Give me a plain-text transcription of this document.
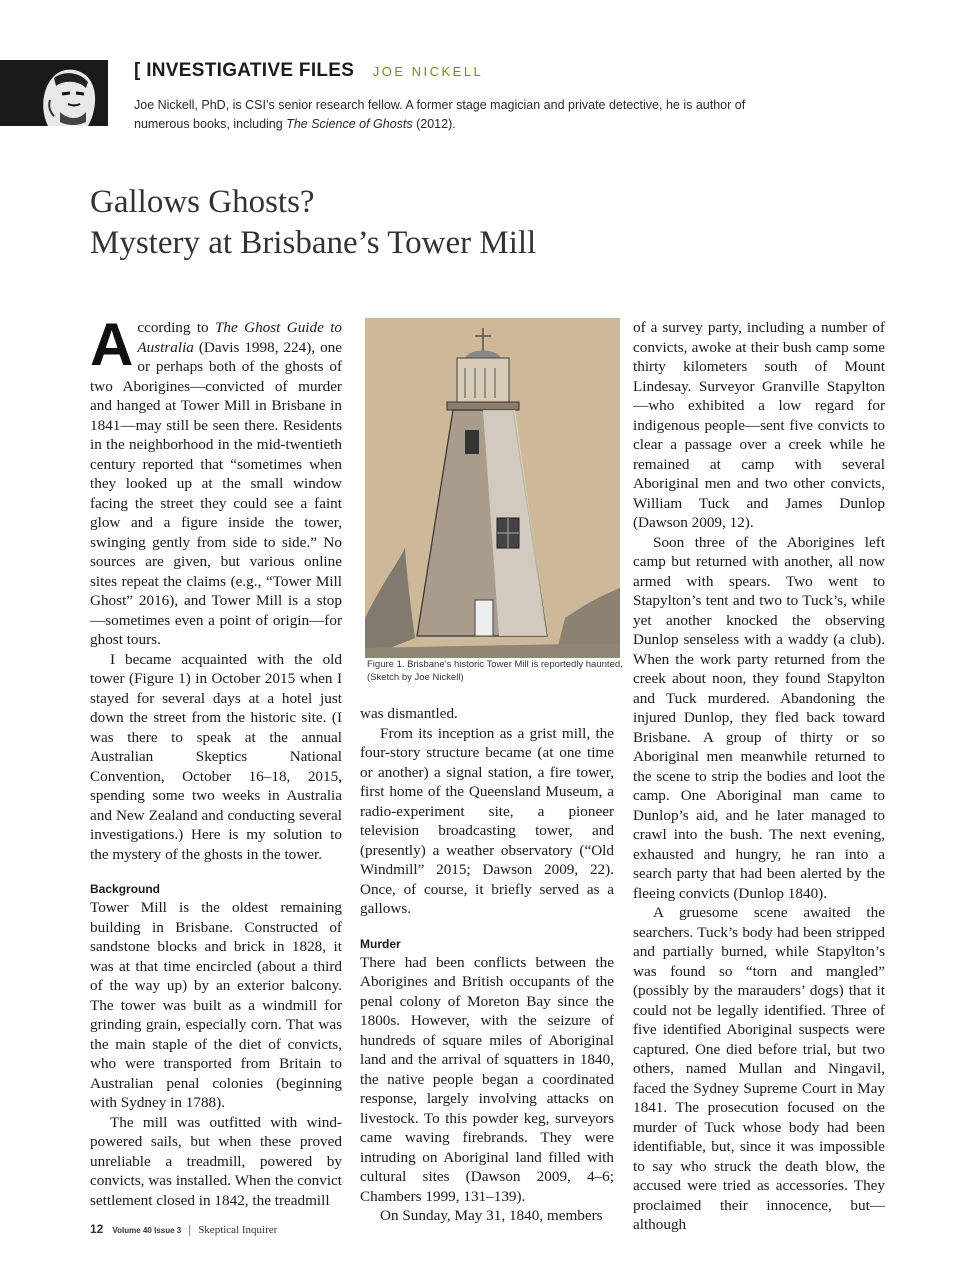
[ INVESTIGATIVE FILES JOE NICKELL
Joe Nickell, PhD, is CSI’s senior research fellow. A former stage magician and private detective, he is author of numerous books, including The Science of Ghosts (2012).
Gallows Ghosts?
Mystery at Brisbane’s Tower Mill

According to The Ghost Guide to Australia (Davis 1998, 224), one or perhaps both of the ghosts of two Aborigines—convicted of murder and hanged at Tower Mill in Brisbane in 1841—may still be seen there. Residents in the neighborhood in the mid-twentieth century reported that “sometimes when they looked up at the small window facing the street they could see a faint glow and a figure inside the tower, swinging gently from side to side.” No sources are given, but various online sites repeat the claims (e.g., “Tower Mill Ghost” 2016), and Tower Mill is a stop—sometimes even a point of origin—for ghost tours.

I became acquainted with the old tower (Figure 1) in October 2015 when I stayed for several days at a hotel just down the street from the historic site. (I was there to speak at the annual Australian Skeptics National Convention, October 16–18, 2015, spending some two weeks in Australia and New Zealand and conducting several investigations.) Here is my solution to the mystery of the ghosts in the tower.

Background

Tower Mill is the oldest remaining building in Brisbane. Constructed of sandstone blocks and brick in 1828, it was at that time encircled (about a third of the way up) by an exterior balcony. The tower was built as a windmill for grinding grain, especially corn. That was the main staple of the diet of convicts, who were transported from Britain to Australian penal colonies (beginning with Sydney in 1788).

The mill was outfitted with wind-powered sails, but when these proved unreliable a treadmill, powered by convicts, was installed. When the convict settlement closed in 1842, the treadmill

Figure 1. Brisbane’s historic Tower Mill is reportedly haunted. (Sketch by Joe Nickell)

was dismantled.

From its inception as a grist mill, the four-story structure became (at one time or another) a signal station, a fire tower, first home of the Queensland Museum, a radio-experiment site, a pioneer television broadcasting tower, and (presently) a weather observatory (“Old Windmill” 2015; Dawson 2009, 22). Once, of course, it briefly served as a gallows.

Murder

There had been conflicts between the Aborigines and British occupants of the penal colony of Moreton Bay since the 1800s. However, with the seizure of hundreds of square miles of Aboriginal land and the arrival of squatters in 1840, the native people began a coordinated response, largely involving attacks on livestock. To this powder keg, surveyors came waving firebrands. They were intruding on Aboriginal land filled with cultural sites (Dawson 2009, 4–6; Chambers 1999, 131–139).

On Sunday, May 31, 1840, members

of a survey party, including a number of convicts, awoke at their bush camp some thirty kilometers south of Mount Lindesay. Surveyor Granville Stapylton—who exhibited a low regard for indigenous people—sent five convicts to clear a passage over a creek while he remained at camp with several Aboriginal men and two other convicts, William Tuck and James Dunlop (Dawson 2009, 12).

Soon three of the Aborigines left camp but returned with another, all now armed with spears. Two went to Stapylton’s tent and two to Tuck’s, while yet another knocked the observing Dunlop senseless with a waddy (a club). When the work party returned from the creek about noon, they found Stapylton and Tuck murdered. Abandoning the injured Dunlop, they fled back toward Brisbane. A group of thirty or so Aboriginal men meanwhile returned to the scene to strip the bodies and loot the camp. One Aboriginal man came to Dunlop’s aid, and he later managed to crawl into the bush. The next evening, exhausted and hungry, he ran into a search party that had been alerted by the fleeing convicts (Dunlop 1840).

A gruesome scene awaited the searchers. Tuck’s body had been stripped and partially burned, while Stapylton’s was found so “torn and mangled” (possibly by the marauders’ dogs) that it could not be legally identified. Three of five identified Aboriginal suspects were captured. One died before trial, but two others, named Mullan and Ningavil, faced the Sydney Supreme Court in May 1841. The prosecution focused on the murder of Tuck whose body had been identifiable, but, since it was impossible to say who struck the death blow, the accused were tried as accessories. They proclaimed their innocence, but—although

12 Volume 40 Issue 3 | Skeptical Inquirer
